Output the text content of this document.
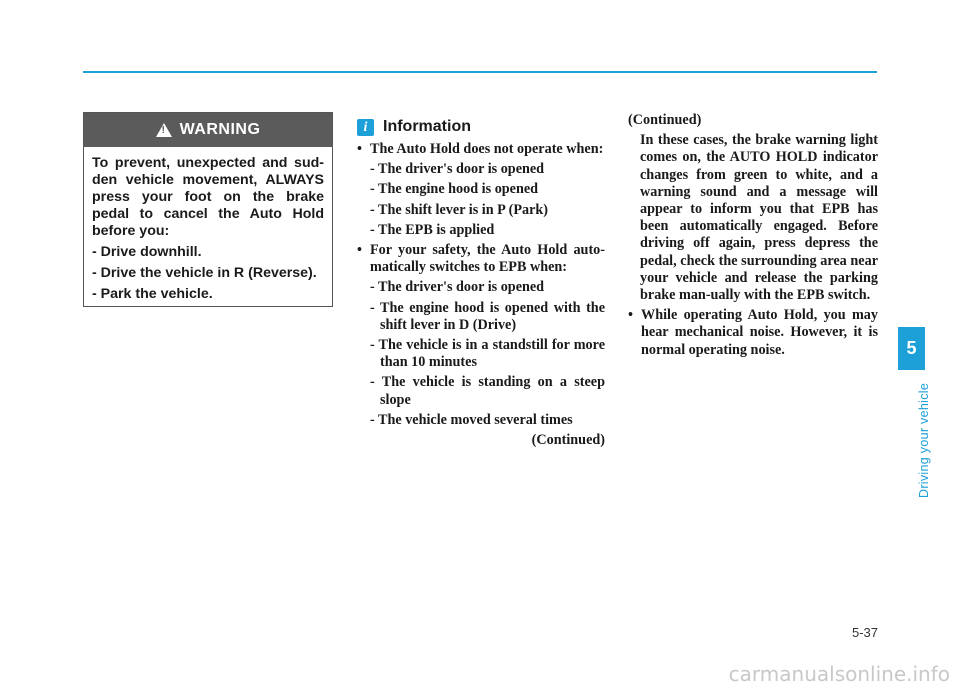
!
WARNING
To prevent, unexpected and sud-den vehicle movement, ALWAYS press your foot on the brake pedal to cancel the Auto Hold before you:
- Drive downhill.
- Drive the vehicle in R (Reverse).
- Park the vehicle.
i Information
• The Auto Hold does not operate when:
- The driver's door is opened
- The engine hood is opened
- The shift lever is in P (Park)
- The EPB is applied
• For your safety, the Auto Hold auto-matically switches to EPB when:
- The driver's door is opened
- The engine hood is opened with the shift lever in D (Drive)
- The vehicle is in a standstill for more than 10 minutes
- The vehicle is standing on a steep slope
- The vehicle moved several times
(Continued)
(Continued)
In these cases, the brake warning light comes on, the AUTO HOLD indicator changes from green to white, and a warning sound and a message will appear to inform you that EPB has been automatically engaged. Before driving off again, press depress the pedal, check the surrounding area near your vehicle and release the parking brake man-ually with the EPB switch.
• While operating Auto Hold, you may hear mechanical noise. However, it is normal operating noise.	5
Driving your vehicle
5-37
carmanualsonline.info
